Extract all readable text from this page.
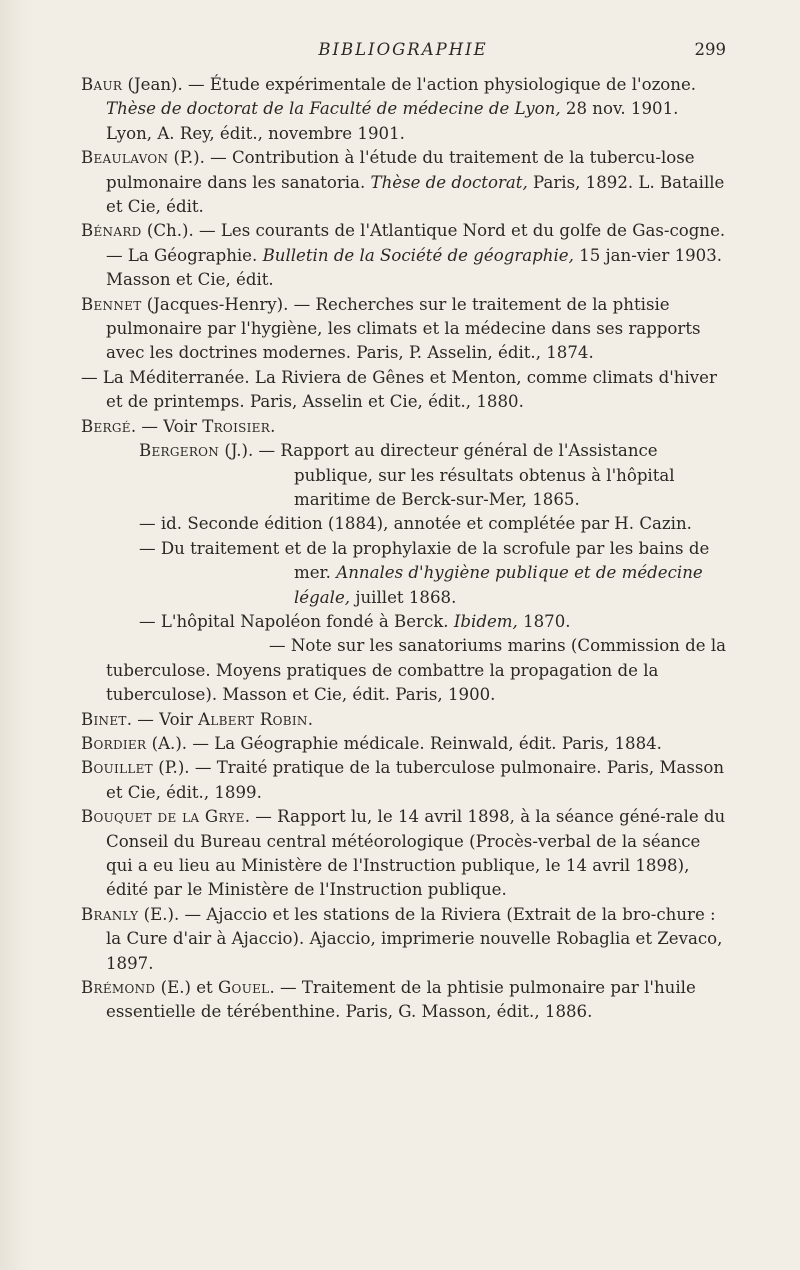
BIBLIOGRAPHIE	299

Baur (Jean). — Étude expérimentale de l'action physiologique de l'ozone. Thèse de doctorat de la Faculté de médecine de Lyon, 28 nov. 1901. Lyon, A. Rey, édit., novembre 1901.

Beaulavon (P.). — Contribution à l'étude du traitement de la tubercu-lose pulmonaire dans les sanatoria. Thèse de doctorat, Paris, 1892. L. Bataille et Cie, édit.

Bénard (Ch.). — Les courants de l'Atlantique Nord et du golfe de Gas-cogne. — La Géographie. Bulletin de la Société de géographie, 15 jan-vier 1903. Masson et Cie, édit.

Bennet (Jacques-Henry). — Recherches sur le traitement de la phtisie pulmonaire par l'hygiène, les climats et la médecine dans ses rapports avec les doctrines modernes. Paris, P. Asselin, édit., 1874.

— La Méditerranée. La Riviera de Gênes et Menton, comme climats d'hiver et de printemps. Paris, Asselin et Cie, édit., 1880.

Bergé. — Voir Troisier.

Bergeron (J.). — Rapport au directeur général de l'Assistance publique, sur les résultats obtenus à l'hôpital maritime de Berck-sur-Mer, 1865.

— id. Seconde édition (1884), annotée et complétée par H. Cazin.

— Du traitement et de la prophylaxie de la scrofule par les bains de mer. Annales d'hygiène publique et de médecine légale, juillet 1868.

— L'hôpital Napoléon fondé à Berck. Ibidem, 1870.

— Note sur les sanatoriums marins (Commission de la tuberculose. Moyens pratiques de combattre la propagation de la tuberculose). Masson et Cie, édit. Paris, 1900.

Binet. — Voir Albert Robin.

Bordier (A.). — La Géographie médicale. Reinwald, édit. Paris, 1884.

Bouillet (P.). — Traité pratique de la tuberculose pulmonaire. Paris, Masson et Cie, édit., 1899.

Bouquet de la Grye. — Rapport lu, le 14 avril 1898, à la séance géné-rale du Conseil du Bureau central météorologique (Procès-verbal de la séance qui a eu lieu au Ministère de l'Instruction publique, le 14 avril 1898), édité par le Ministère de l'Instruction publique.

Branly (E.). — Ajaccio et les stations de la Riviera (Extrait de la bro-chure : la Cure d'air à Ajaccio). Ajaccio, imprimerie nouvelle Robaglia et Zevaco, 1897.

Brémond (E.) et Gouel. — Traitement de la phtisie pulmonaire par l'huile essentielle de térébenthine. Paris, G. Masson, édit., 1886.
